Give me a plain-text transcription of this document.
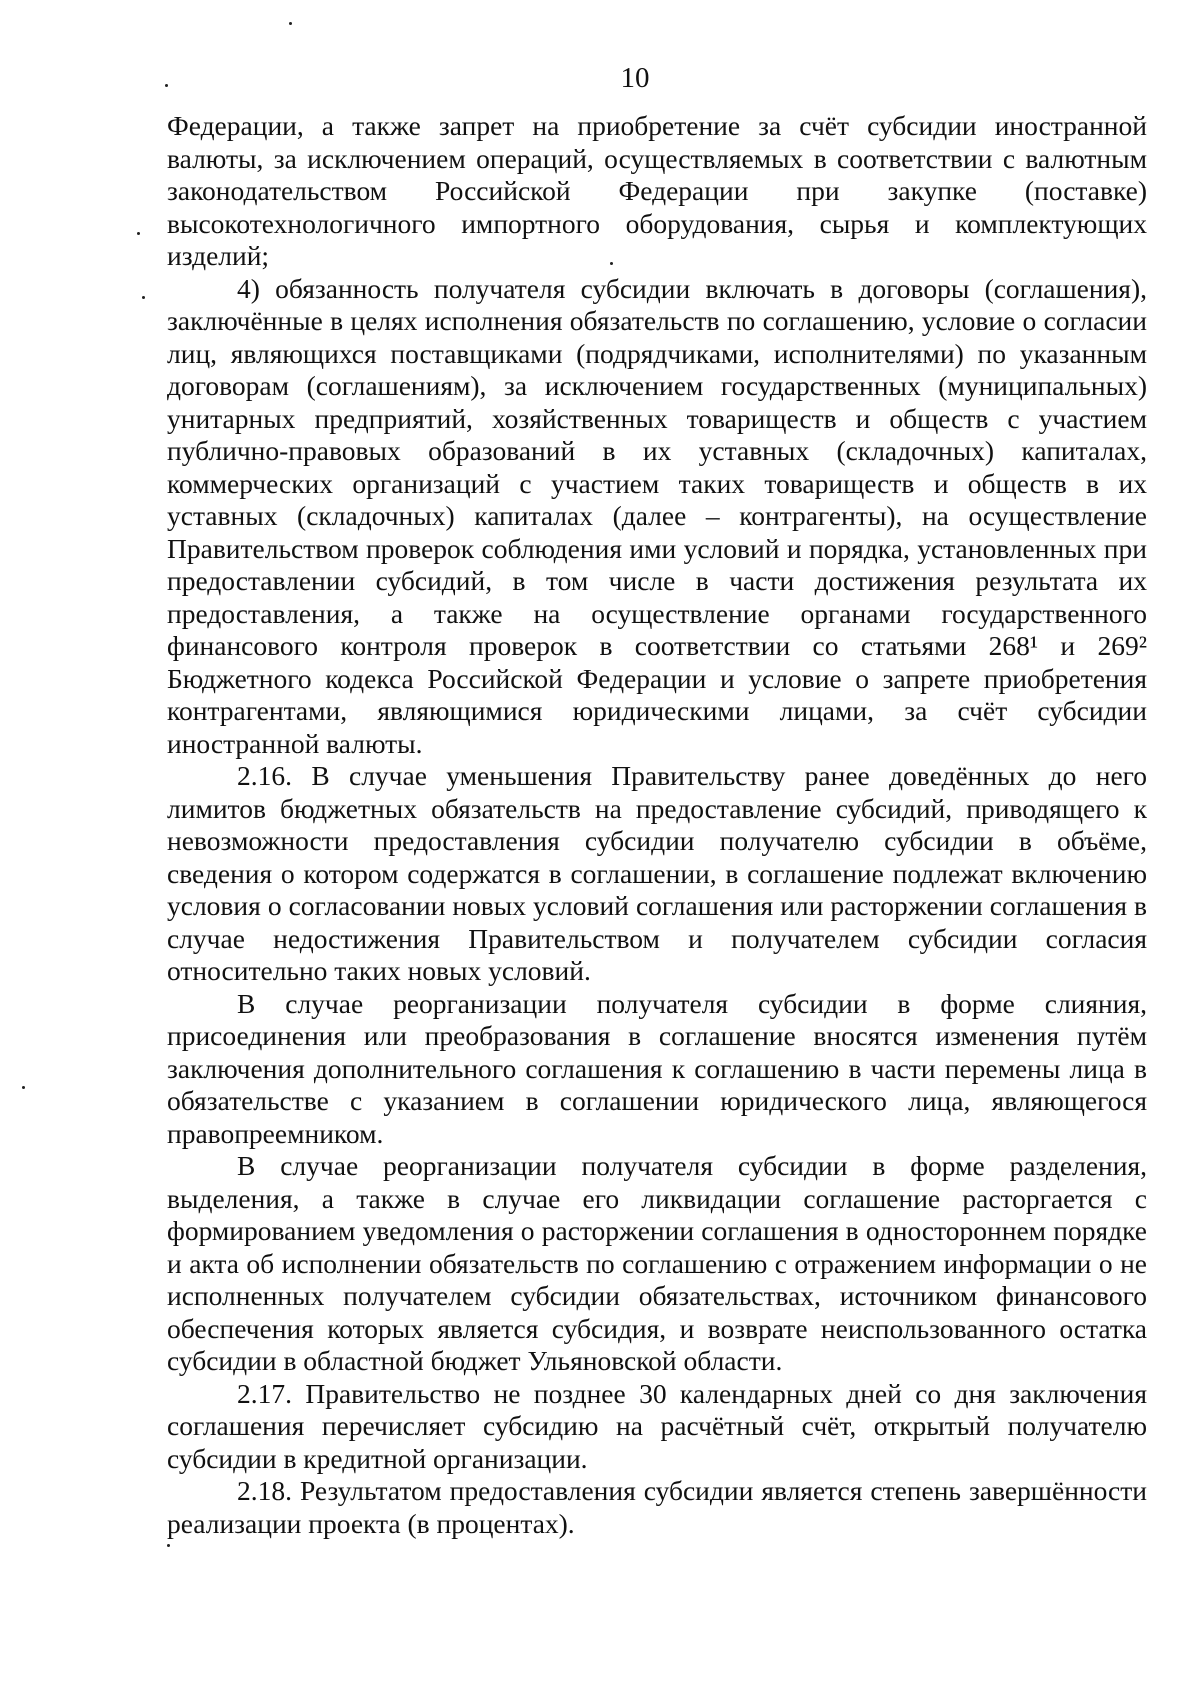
10

Федерации, а также запрет на приобретение за счёт субсидии иностранной валюты, за исключением операций, осуществляемых в соответствии с валютным законодательством Российской Федерации при закупке (поставке) высокотехнологичного импортного оборудования, сырья и комплектующих изделий;

4) обязанность получателя субсидии включать в договоры (соглашения), заключённые в целях исполнения обязательств по соглашению, условие о согласии лиц, являющихся поставщиками (подрядчиками, исполнителями) по указанным договорам (соглашениям), за исключением государственных (муниципальных) унитарных предприятий, хозяйственных товариществ и обществ с участием публично-правовых образований в их уставных (складочных) капиталах, коммерческих организаций с участием таких товариществ и обществ в их уставных (складочных) капиталах (далее – контрагенты), на осуществление Правительством проверок соблюдения ими условий и порядка, установленных при предоставлении субсидий, в том числе в части достижения результата их предоставления, а также на осуществление органами государственного финансового контроля проверок в соответствии со статьями 268¹ и 269² Бюджетного кодекса Российской Федерации и условие о запрете приобретения контрагентами, являющимися юридическими лицами, за счёт субсидии иностранной валюты.

2.16. В случае уменьшения Правительству ранее доведённых до него лимитов бюджетных обязательств на предоставление субсидий, приводящего к невозможности предоставления субсидии получателю субсидии в объёме, сведения о котором содержатся в соглашении, в соглашение подлежат включению условия о согласовании новых условий соглашения или расторжении соглашения в случае недостижения Правительством и получателем субсидии согласия относительно таких новых условий.

В случае реорганизации получателя субсидии в форме слияния, присоединения или преобразования в соглашение вносятся изменения путём заключения дополнительного соглашения к соглашению в части перемены лица в обязательстве с указанием в соглашении юридического лица, являющегося правопреемником.

В случае реорганизации получателя субсидии в форме разделения, выделения, а также в случае его ликвидации соглашение расторгается с формированием уведомления о расторжении соглашения в одностороннем порядке и акта об исполнении обязательств по соглашению с отражением информации о не исполненных получателем субсидии обязательствах, источником финансового обеспечения которых является субсидия, и возврате неиспользованного остатка субсидии в областной бюджет Ульяновской области.

2.17. Правительство не позднее 30 календарных дней со дня заключения соглашения перечисляет субсидию на расчётный счёт, открытый получателю субсидии в кредитной организации.

2.18. Результатом предоставления субсидии является степень завершённости реализации проекта (в процентах).
